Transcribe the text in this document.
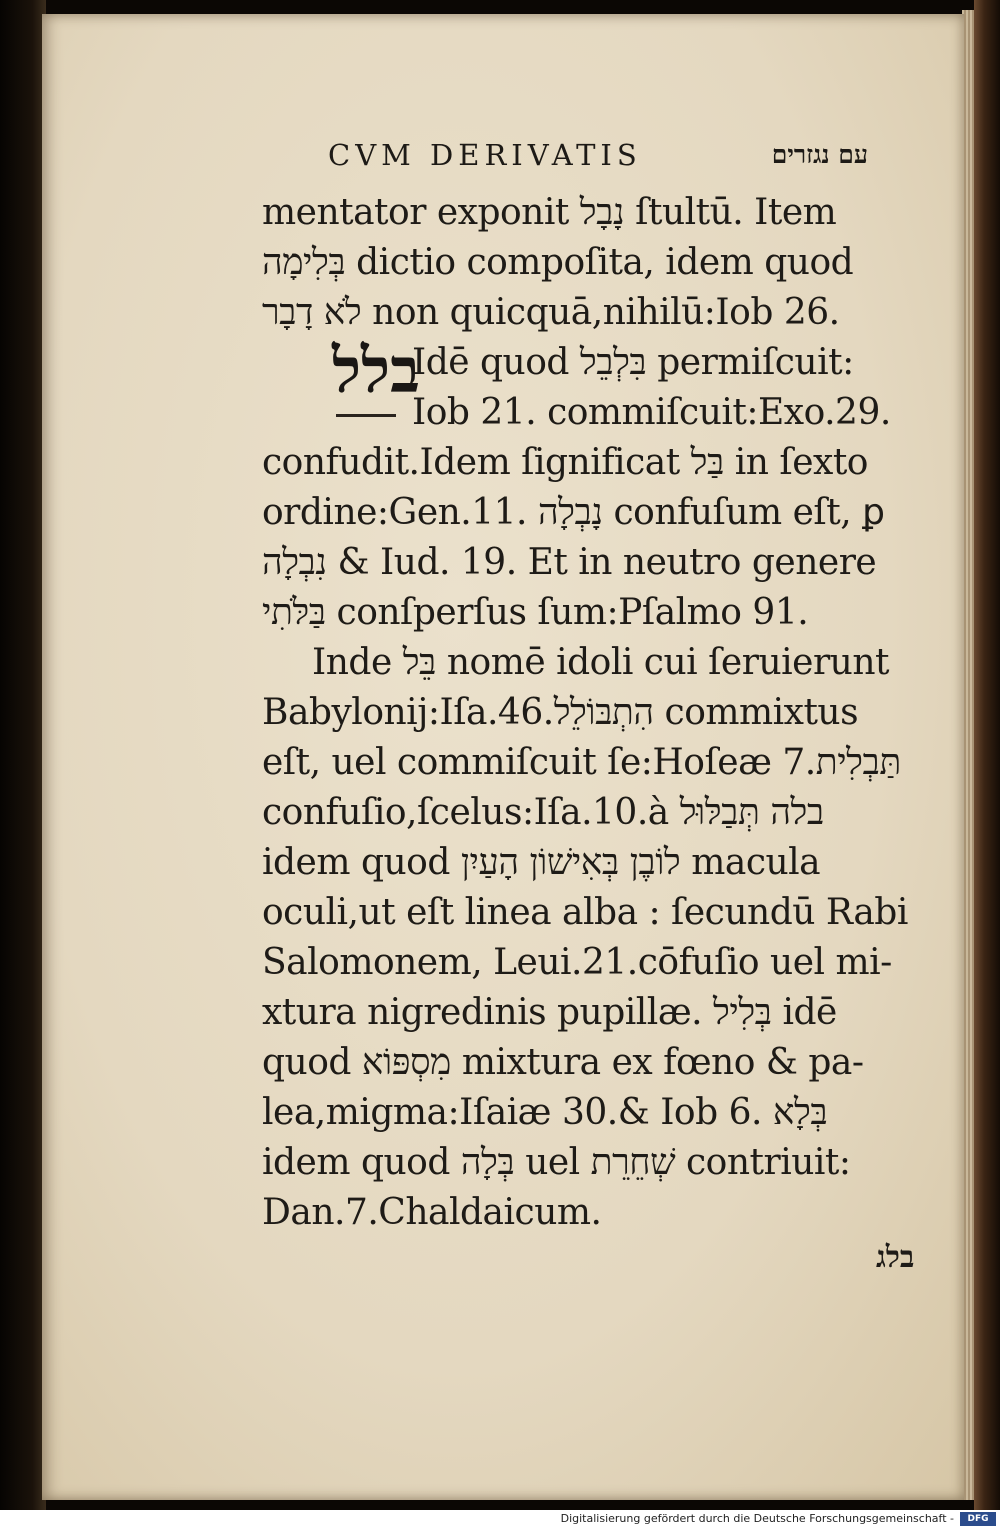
CVM DERIVATIS	עם נגזרים
בלל
mentator exponit נָבָל ſtultū. Item
בְּלִימָה dictio compoſita, idem quod
לֹא דָבָר non quicquā,nihilū:Iob 26.
Idē quod בִּלְבֵל permiſcuit:
Iob 21. commiſcuit:Exo.29.
confudit.Idem ſignificat בַּל in ſexto
ordine:Gen.11. נָבְלָה confuſum eſt, ꝑ
נִבְלָה & Iud. 19. Et in neutro genere
בַּלֹּתִי conſperſus ſum:Pſalmo 91.
Inde בֵּל nomē idoli cui ſeruierunt
Babylonij:Iſa.46.הִתְבּוֹלֵל commixtus
eſt, uel commiſcuit ſe:Hoſeæ 7.תַּבְלִית
confuſio,ſcelus:Iſa.10.à בלה תְּבַלּוּל
idem quod לוֹבֶן בְּאִישׁוֹן הָעַיִן macula
oculi,ut eſt linea alba : ſecundū Rabi
Salomonem, Leui.21.cōfuſio uel mi-
xtura nigredinis pupillæ. בְּלִיל idē
quod מִסְפּוֹא mixtura ex fœno & pa-
lea,migma:Iſaiæ 30.& Iob 6. בְּלָא
idem quod בְּלָה uel שְׁחֵרֵת contriuit:
Dan.7.Chaldaicum.
בלג
Digitalisierung gefördert durch die Deutsche Forschungsgemeinschaft -	DFG
